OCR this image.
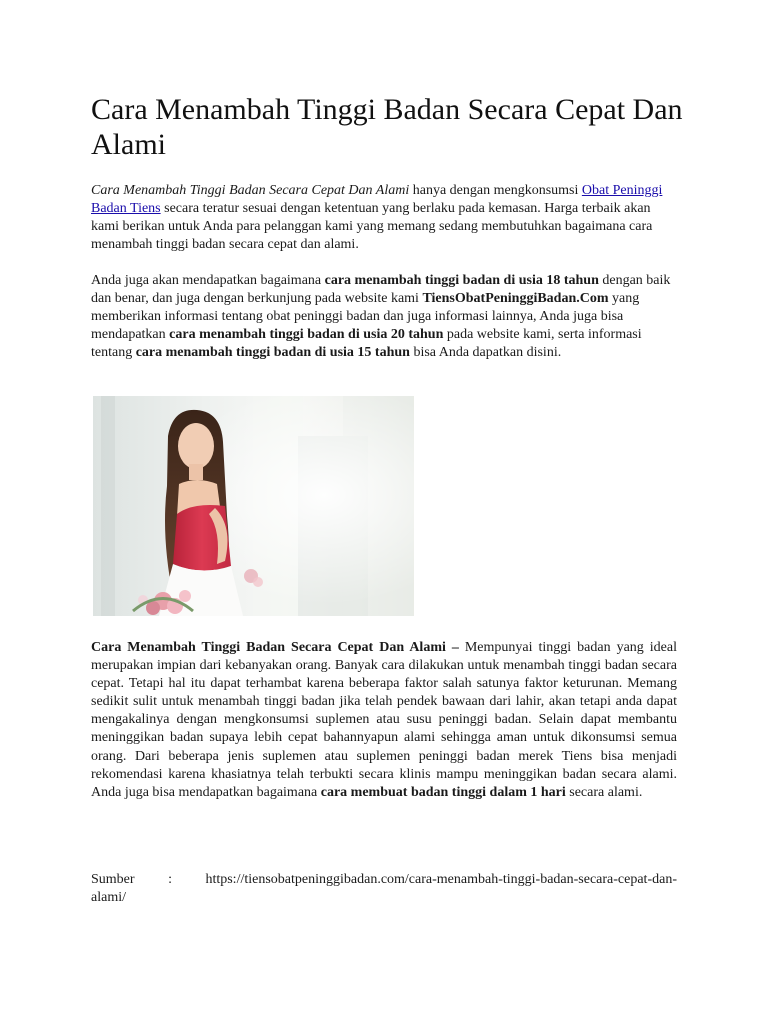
Cara Menambah Tinggi Badan Secara Cepat Dan Alami

Cara Menambah Tinggi Badan Secara Cepat Dan Alami hanya dengan mengkonsumsi Obat Peninggi Badan Tiens secara teratur sesuai dengan ketentuan yang berlaku pada kemasan. Harga terbaik akan kami berikan untuk Anda para pelanggan kami yang memang sedang membutuhkan bagaimana cara menambah tinggi badan secara cepat dan alami.

Anda juga akan mendapatkan bagaimana cara menambah tinggi badan di usia 18 tahun dengan baik dan benar, dan juga dengan berkunjung pada website kami TiensObatPeninggiBadan.Com yang memberikan informasi tentang obat peninggi badan dan juga informasi lainnya, Anda juga bisa mendapatkan cara menambah tinggi badan di usia 20 tahun pada website kami, serta informasi tentang cara menambah tinggi badan di usia 15 tahun bisa Anda dapatkan disini.

Cara Menambah Tinggi Badan Secara Cepat Dan Alami – Mempunyai tinggi badan yang ideal merupakan impian dari kebanyakan orang. Banyak cara dilakukan untuk menambah tinggi badan secara cepat. Tetapi hal itu dapat terhambat karena beberapa faktor salah satunya faktor keturunan. Memang sedikit sulit untuk menambah tinggi badan jika telah pendek bawaan dari lahir, akan tetapi anda dapat mengakalinya dengan mengkonsumsi suplemen atau susu peninggi badan. Selain dapat membantu meninggikan badan supaya lebih cepat bahannyapun alami sehingga aman untuk dikonsumsi semua orang. Dari beberapa jenis suplemen atau suplemen peninggi badan merek Tiens bisa menjadi rekomendasi karena khasiatnya telah terbukti secara klinis mampu meninggikan badan secara alami. Anda juga bisa mendapatkan bagaimana cara membuat badan tinggi dalam 1 hari secara alami.

Sumber : https://tiensobatpeninggibadan.com/cara-menambah-tinggi-badan-secara-cepat-dan-
alami/
